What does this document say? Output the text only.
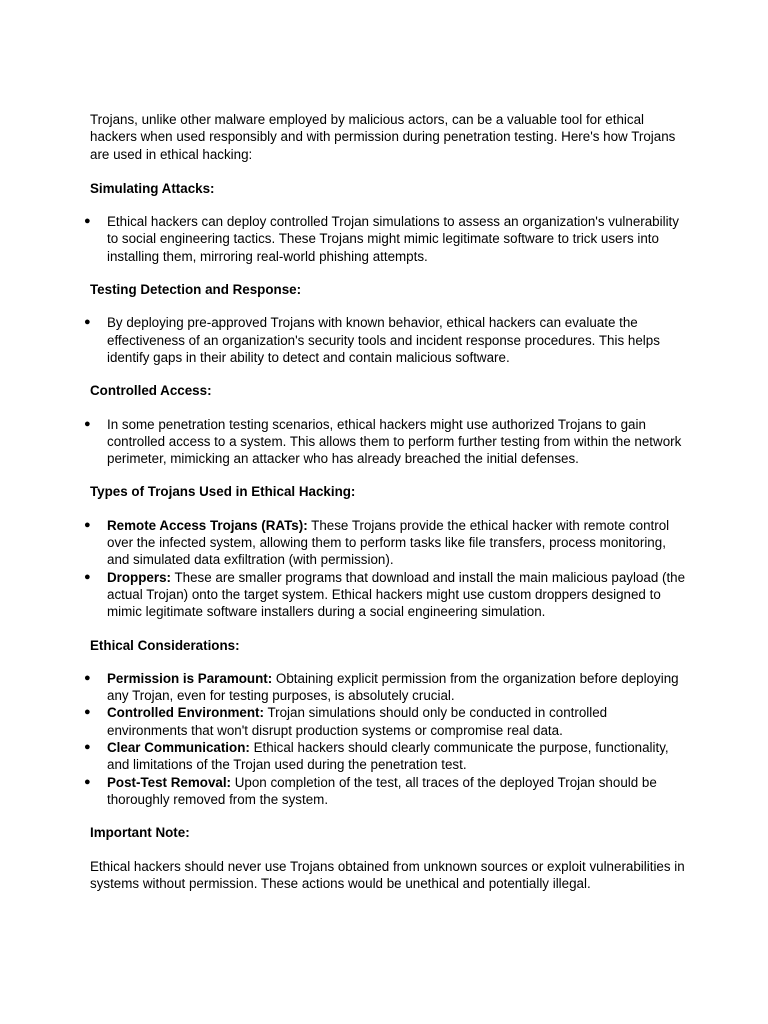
Trojans, unlike other malware employed by malicious actors, can be a valuable tool for ethical hackers when used responsibly and with permission during penetration testing. Here's how Trojans are used in ethical hacking:

Simulating Attacks:

● Ethical hackers can deploy controlled Trojan simulations to assess an organization's vulnerability to social engineering tactics. These Trojans might mimic legitimate software to trick users into installing them, mirroring real-world phishing attempts.

Testing Detection and Response:

● By deploying pre-approved Trojans with known behavior, ethical hackers can evaluate the effectiveness of an organization's security tools and incident response procedures. This helps identify gaps in their ability to detect and contain malicious software.

Controlled Access:

● In some penetration testing scenarios, ethical hackers might use authorized Trojans to gain controlled access to a system. This allows them to perform further testing from within the network perimeter, mimicking an attacker who has already breached the initial defenses.

Types of Trojans Used in Ethical Hacking:

● Remote Access Trojans (RATs): These Trojans provide the ethical hacker with remote control over the infected system, allowing them to perform tasks like file transfers, process monitoring, and simulated data exfiltration (with permission).
● Droppers: These are smaller programs that download and install the main malicious payload (the actual Trojan) onto the target system. Ethical hackers might use custom droppers designed to mimic legitimate software installers during a social engineering simulation.

Ethical Considerations:

● Permission is Paramount: Obtaining explicit permission from the organization before deploying any Trojan, even for testing purposes, is absolutely crucial.
● Controlled Environment: Trojan simulations should only be conducted in controlled environments that won't disrupt production systems or compromise real data.
● Clear Communication: Ethical hackers should clearly communicate the purpose, functionality, and limitations of the Trojan used during the penetration test.
● Post-Test Removal: Upon completion of the test, all traces of the deployed Trojan should be thoroughly removed from the system.

Important Note:

Ethical hackers should never use Trojans obtained from unknown sources or exploit vulnerabilities in systems without permission. These actions would be unethical and potentially illegal.
